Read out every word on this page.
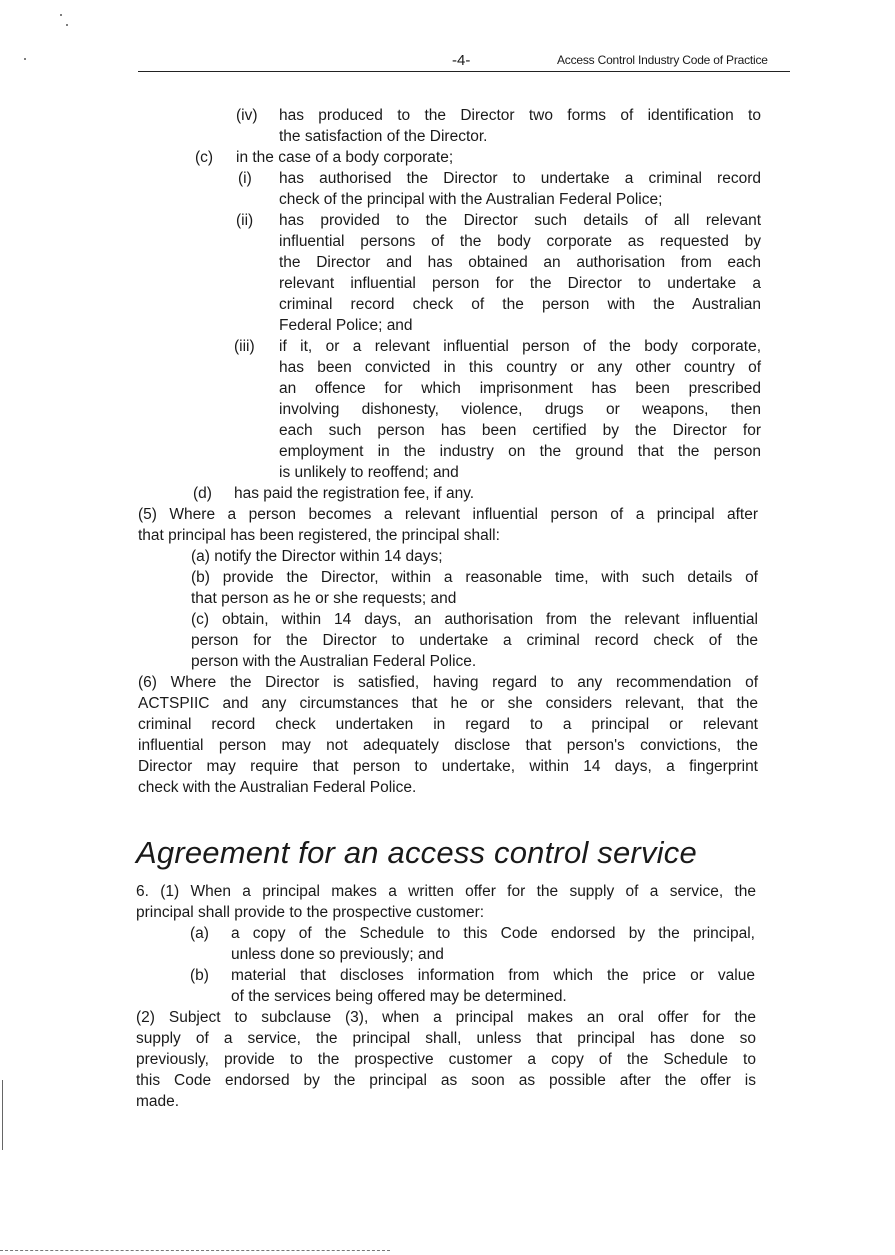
-4-	Access Control Industry Code of Practice
(iv) has produced to the Director two forms of identification to
the satisfaction of the Director.
(c) in the case of a body corporate;
(i) has authorised the Director to undertake a criminal record
check of the principal with the Australian Federal Police;
(ii) has provided to the Director such details of all relevant
influential persons of the body corporate as requested by
the Director and has obtained an authorisation from each
relevant influential person for the Director to undertake a
criminal record check of the person with the Australian
Federal Police; and
(iii) if it, or a relevant influential person of the body corporate,
has been convicted in this country or any other country of
an offence for which imprisonment has been prescribed
involving dishonesty, violence, drugs or weapons, then
each such person has been certified by the Director for
employment in the industry on the ground that the person
is unlikely to reoffend; and
(d) has paid the registration fee, if any.
(5) Where a person becomes a relevant influential person of a principal after
that principal has been registered, the principal shall:
(a) notify the Director within 14 days;
(b) provide the Director, within a reasonable time, with such details of
that person as he or she requests; and
(c) obtain, within 14 days, an authorisation from the relevant influential
person for the Director to undertake a criminal record check of the
person with the Australian Federal Police.
(6) Where the Director is satisfied, having regard to any recommendation of
ACTSPIIC and any circumstances that he or she considers relevant, that the
criminal record check undertaken in regard to a principal or relevant
influential person may not adequately disclose that person's convictions, the
Director may require that person to undertake, within 14 days, a fingerprint
check with the Australian Federal Police.
Agreement for an access control service
6. (1) When a principal makes a written offer for the supply of a service, the
principal shall provide to the prospective customer:
(a) a copy of the Schedule to this Code endorsed by the principal,
unless done so previously; and
(b) material that discloses information from which the price or value
of the services being offered may be determined.
(2) Subject to subclause (3), when a principal makes an oral offer for the
supply of a service, the principal shall, unless that principal has done so
previously, provide to the prospective customer a copy of the Schedule to
this Code endorsed by the principal as soon as possible after the offer is
made.
